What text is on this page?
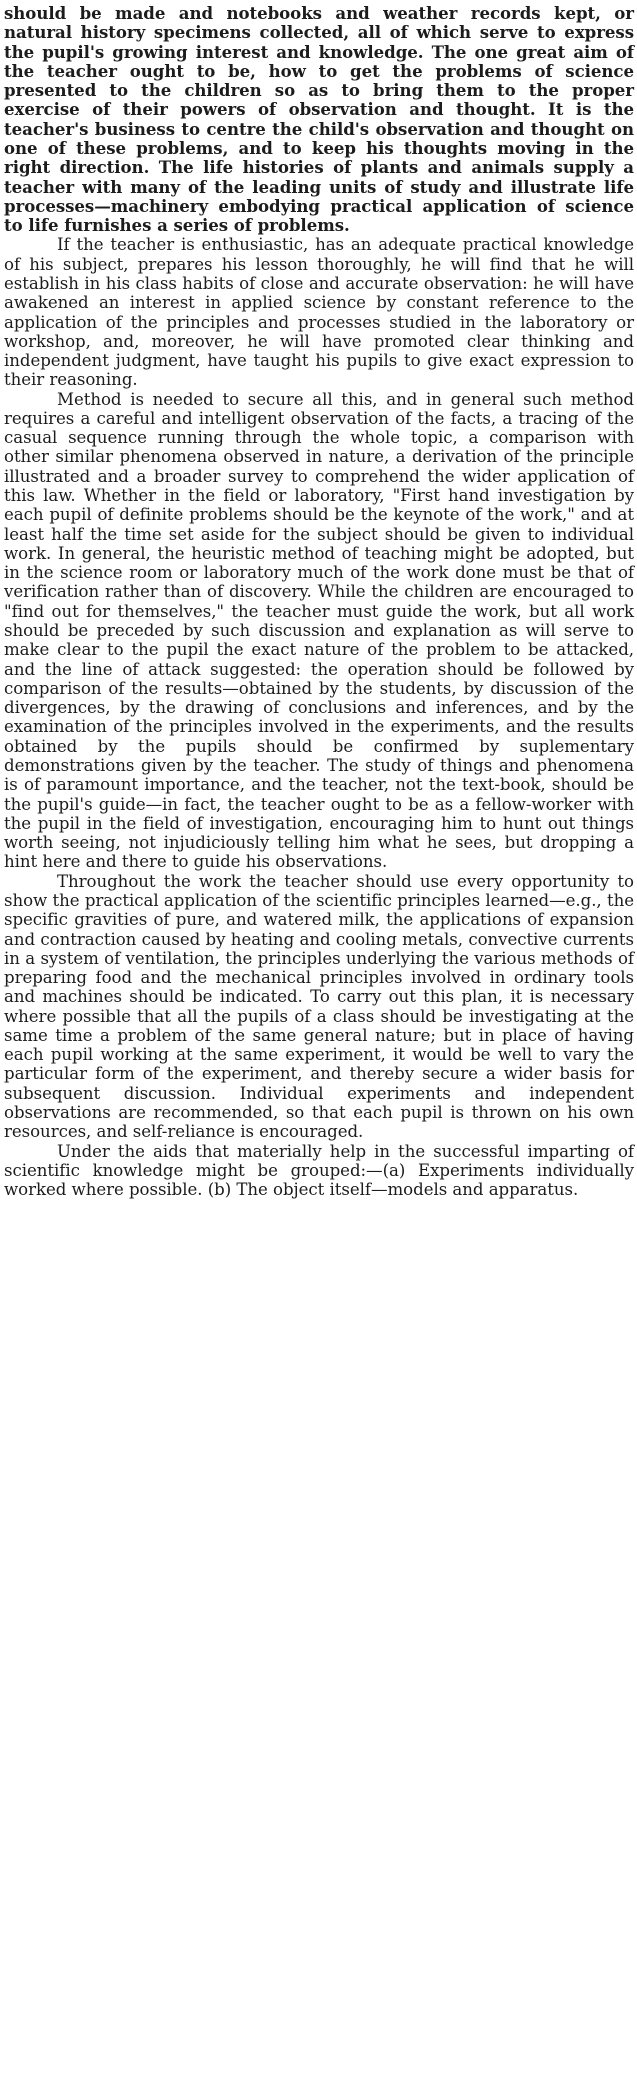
should be made and notebooks and weather records kept, or natural history specimens collected, all of which serve to express the pupil's growing interest and knowledge. The one great aim of the teacher ought to be, how to get the problems of science presented to the children so as to bring them to the proper exercise of their powers of observation and thought. It is the teacher's business to centre the child's observation and thought on one of these problems, and to keep his thoughts moving in the right direction. The life histories of plants and animals supply a teacher with many of the leading units of study and illustrate life processes—machinery embodying practical application of science to life furnishes a series of problems.

If the teacher is enthusiastic, has an adequate practical knowledge of his subject, prepares his lesson thoroughly, he will find that he will establish in his class habits of close and accurate observation: he will have awakened an interest in applied science by constant reference to the application of the principles and processes studied in the laboratory or workshop, and, moreover, he will have promoted clear thinking and independent judgment, have taught his pupils to give exact expression to their reasoning.

Method is needed to secure all this, and in general such method requires a careful and intelligent observation of the facts, a tracing of the casual sequence running through the whole topic, a comparison with other similar phenomena observed in nature, a derivation of the principle illustrated and a broader survey to comprehend the wider application of this law. Whether in the field or laboratory, "First hand investigation by each pupil of definite problems should be the keynote of the work," and at least half the time set aside for the subject should be given to individual work. In general, the heuristic method of teaching might be adopted, but in the science room or laboratory much of the work done must be that of verification rather than of discovery. While the children are encouraged to "find out for themselves," the teacher must guide the work, but all work should be preceded by such discussion and explanation as will serve to make clear to the pupil the exact nature of the problem to be attacked, and the line of attack suggested: the operation should be followed by comparison of the results—obtained by the students, by discussion of the divergences, by the drawing of conclusions and inferences, and by the examination of the principles involved in the experiments, and the results obtained by the pupils should be confirmed by suplementary demonstrations given by the teacher. The study of things and phenomena is of paramount importance, and the teacher, not the text-book, should be the pupil's guide—in fact, the teacher ought to be as a fellow-worker with the pupil in the field of investigation, encouraging him to hunt out things worth seeing, not injudiciously telling him what he sees, but dropping a hint here and there to guide his observations.

Throughout the work the teacher should use every opportunity to show the practical application of the scientific principles learned—e.g., the specific gravities of pure, and watered milk, the applications of expansion and contraction caused by heating and cooling metals, convective currents in a system of ventilation, the principles underlying the various methods of preparing food and the mechanical principles involved in ordinary tools and machines should be indicated. To carry out this plan, it is necessary where possible that all the pupils of a class should be investigating at the same time a problem of the same general nature; but in place of having each pupil working at the same experiment, it would be well to vary the particular form of the experiment, and thereby secure a wider basis for subsequent discussion. Individual experiments and independent observations are recommended, so that each pupil is thrown on his own resources, and self-reliance is encouraged.

Under the aids that materially help in the successful imparting of scientific knowledge might be grouped:—(a) Experiments individually worked where possible. (b) The object itself—models and apparatus.
